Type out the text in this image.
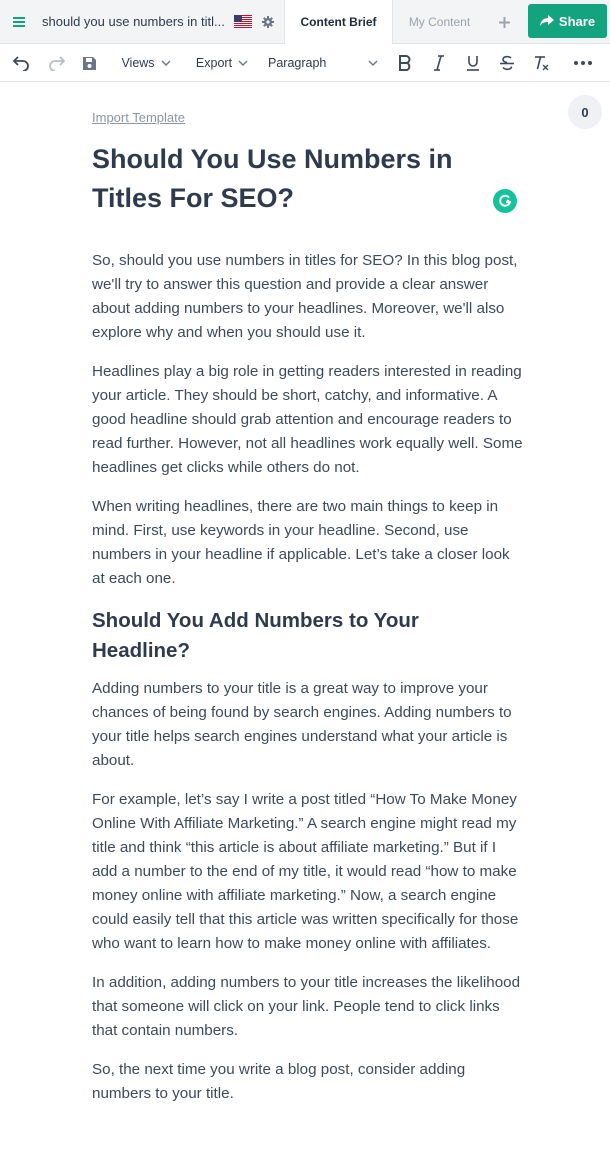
should you use numbers in titl...	Content Brief	My Content	Share
Views	Export	Paragraph
0
Import Template
Should You Use Numbers in Titles For SEO?

So, should you use numbers in titles for SEO? In this blog post, we'll try to answer this question and provide a clear answer about adding numbers to your headlines. Moreover, we'll also explore why and when you should use it.

Headlines play a big role in getting readers interested in reading your article. They should be short, catchy, and informative. A good headline should grab attention and encourage readers to read further. However, not all headlines work equally well. Some headlines get clicks while others do not.

When writing headlines, there are two main things to keep in mind. First, use keywords in your headline. Second, use numbers in your headline if applicable. Let’s take a closer look at each one.

Should You Add Numbers to Your Headline?

Adding numbers to your title is a great way to improve your chances of being found by search engines. Adding numbers to your title helps search engines understand what your article is about.

For example, let’s say I write a post titled “How To Make Money Online With Affiliate Marketing.” A search engine might read my title and think “this article is about affiliate marketing.” But if I add a number to the end of my title, it would read “how to make money online with affiliate marketing.” Now, a search engine could easily tell that this article was written specifically for those who want to learn how to make money online with affiliates.

In addition, adding numbers to your title increases the likelihood that someone will click on your link. People tend to click links that contain numbers.

So, the next time you write a blog post, consider adding numbers to your title.
